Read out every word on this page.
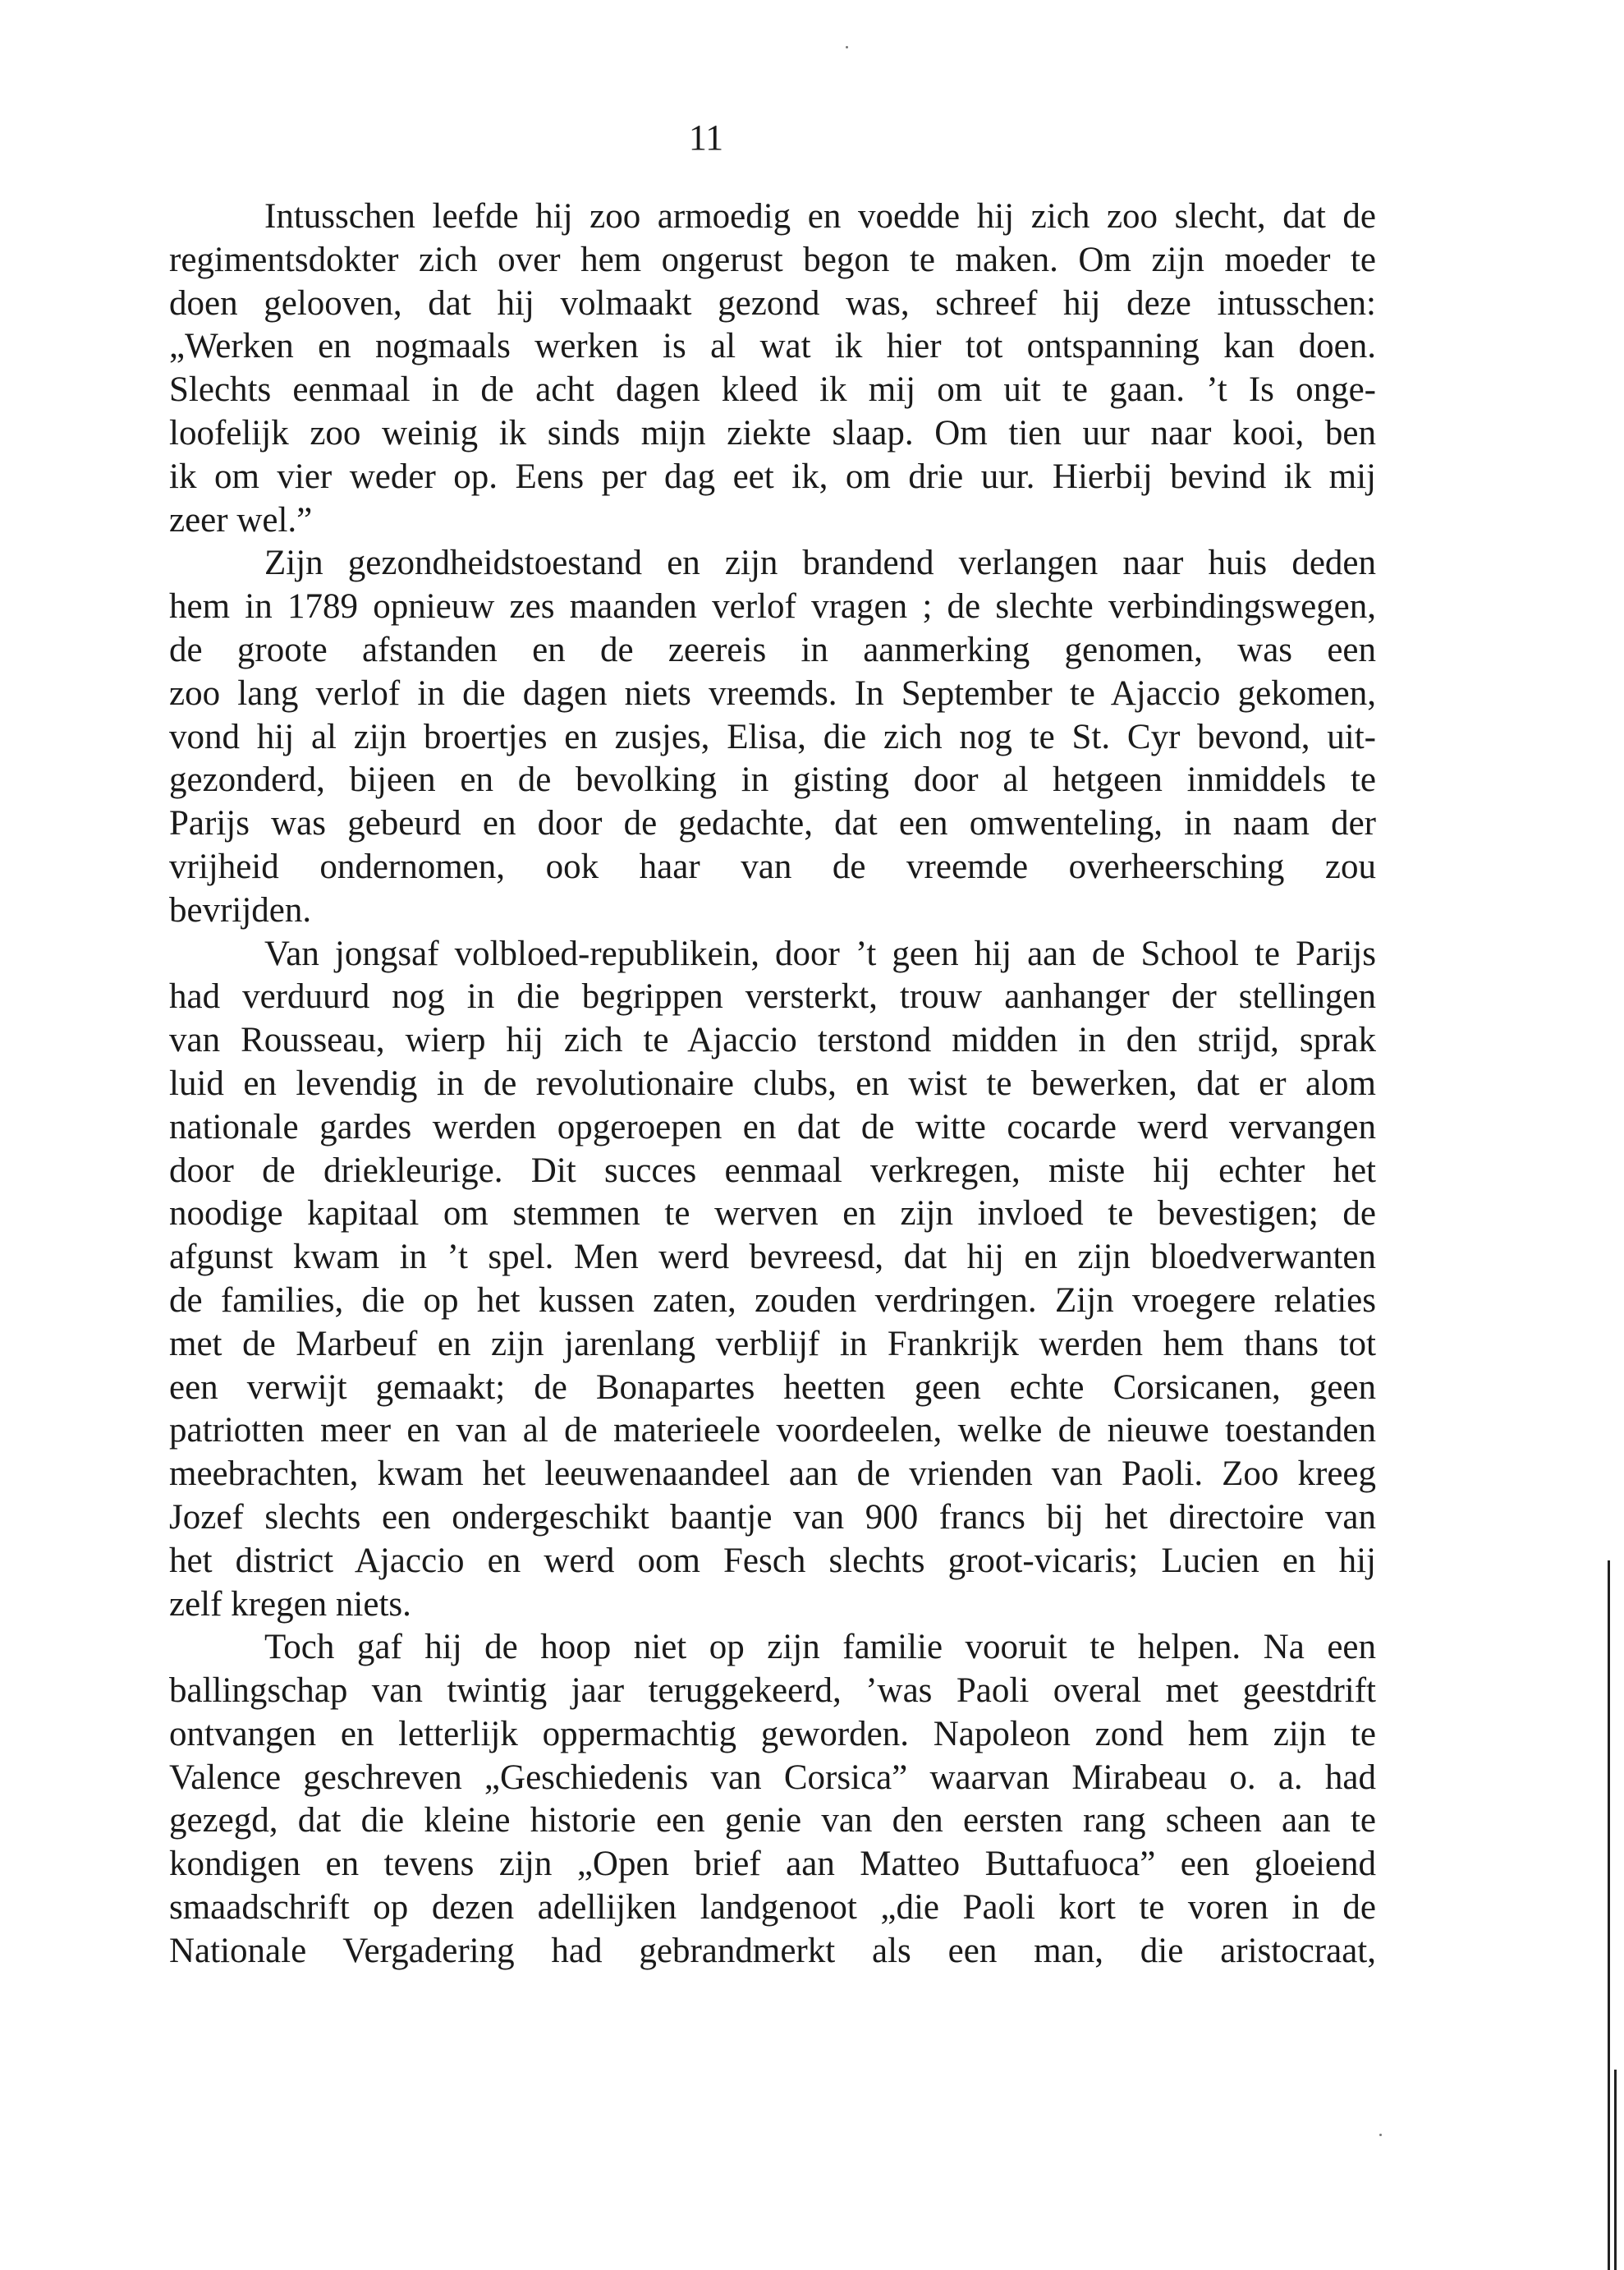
11
Intusschen leefde hij zoo armoedig en voedde hij zich zoo slecht, dat de
regimentsdokter zich over hem ongerust begon te maken. Om zijn moeder te
doen gelooven, dat hij volmaakt gezond was, schreef hij deze intusschen:
„Werken en nogmaals werken is al wat ik hier tot ontspanning kan doen.
Slechts eenmaal in de acht dagen kleed ik mij om uit te gaan. ’t Is onge-
loofelijk zoo weinig ik sinds mijn ziekte slaap. Om tien uur naar kooi, ben
ik om vier weder op. Eens per dag eet ik, om drie uur. Hierbij bevind ik mij
zeer wel.”
Zijn gezondheidstoestand en zijn brandend verlangen naar huis deden
hem in 1789 opnieuw zes maanden verlof vragen ; de slechte verbindingswegen,
de groote afstanden en de zeereis in aanmerking genomen, was een
zoo lang verlof in die dagen niets vreemds. In September te Ajaccio gekomen,
vond hij al zijn broertjes en zusjes, Elisa, die zich nog te St. Cyr bevond, uit-
gezonderd, bijeen en de bevolking in gisting door al hetgeen inmiddels te
Parijs was gebeurd en door de gedachte, dat een omwenteling, in naam der
vrijheid ondernomen, ook haar van de vreemde overheersching zou
bevrijden.
Van jongsaf volbloed-republikein, door ’t geen hij aan de School te Parijs
had verduurd nog in die begrippen versterkt, trouw aanhanger der stellingen
van Rousseau, wierp hij zich te Ajaccio terstond midden in den strijd, sprak
luid en levendig in de revolutionaire clubs, en wist te bewerken, dat er alom
nationale gardes werden opgeroepen en dat de witte cocarde werd vervangen
door de driekleurige. Dit succes eenmaal verkregen, miste hij echter het
noodige kapitaal om stemmen te werven en zijn invloed te bevestigen; de
afgunst kwam in ’t spel. Men werd bevreesd, dat hij en zijn bloedverwanten
de families, die op het kussen zaten, zouden verdringen. Zijn vroegere relaties
met de Marbeuf en zijn jarenlang verblijf in Frankrijk werden hem thans tot
een verwijt gemaakt; de Bonapartes heetten geen echte Corsicanen, geen
patriotten meer en van al de materieele voordeelen, welke de nieuwe toestanden
meebrachten, kwam het leeuwenaandeel aan de vrienden van Paoli. Zoo kreeg
Jozef slechts een ondergeschikt baantje van 900 francs bij het directoire van
het district Ajaccio en werd oom Fesch slechts groot-vicaris; Lucien en hij
zelf kregen niets.
Toch gaf hij de hoop niet op zijn familie vooruit te helpen. Na een
ballingschap van twintig jaar teruggekeerd, ’was Paoli overal met geestdrift
ontvangen en letterlijk oppermachtig geworden. Napoleon zond hem zijn te
Valence geschreven „Geschiedenis van Corsica” waarvan Mirabeau o. a. had
gezegd, dat die kleine historie een genie van den eersten rang scheen aan te
kondigen en tevens zijn „Open brief aan Matteo Buttafuoca” een gloeiend
smaadschrift op dezen adellijken landgenoot „die Paoli kort te voren in de
Nationale Vergadering had gebrandmerkt als een man, die aristocraat,
